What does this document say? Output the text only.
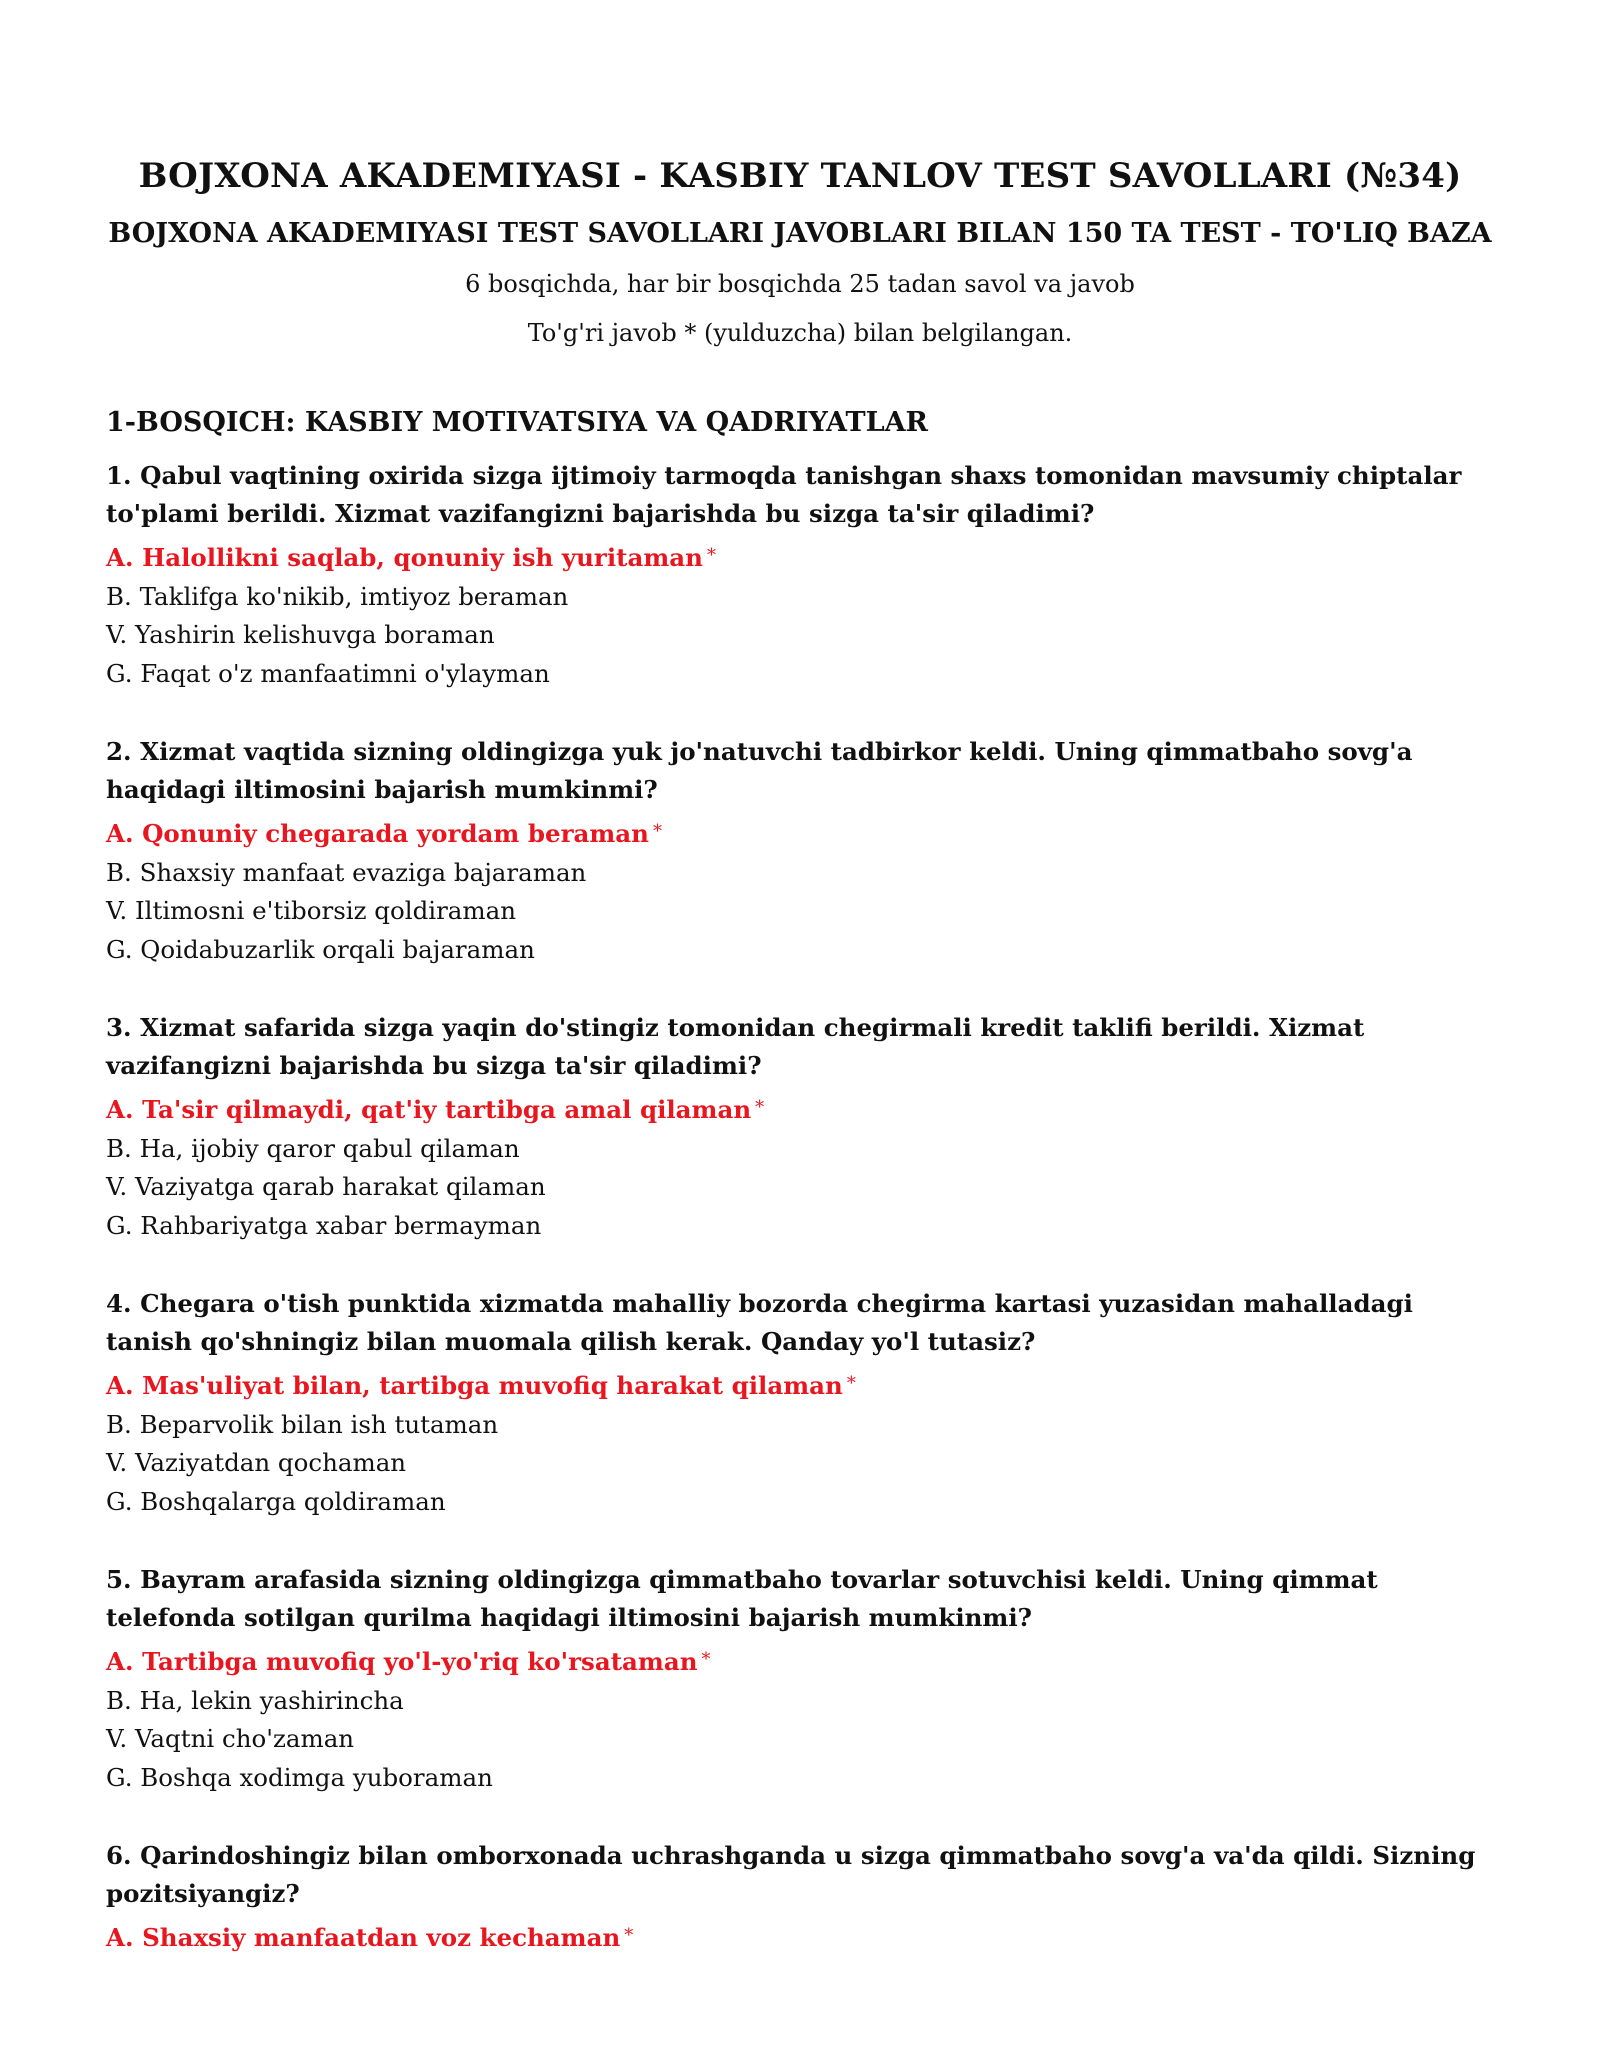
BOJXONA AKADEMIYASI - KASBIY TANLOV TEST SAVOLLARI (№34)
BOJXONA AKADEMIYASI TEST SAVOLLARI JAVOBLARI BILAN 150 TA TEST - TO'LIQ BAZA
6 bosqichda, har bir bosqichda 25 tadan savol va javob
To'g'ri javob * (yulduzcha) bilan belgilangan.
1-BOSQICH: KASBIY MOTIVATSIYA VA QADRIYATLAR
1. Qabul vaqtining oxirida sizga ijtimoiy tarmoqda tanishgan shaxs tomonidan mavsumiy chiptalar to'plami berildi. Xizmat vazifangizni bajarishda bu sizga ta'sir qiladimi?
A. Halollikni saqlab, qonuniy ish yuritaman *
B. Taklifga ko'nikib, imtiyoz beraman
V. Yashirin kelishuvga boraman
G. Faqat o'z manfaatimni o'ylayman
2. Xizmat vaqtida sizning oldingizga yuk jo'natuvchi tadbirkor keldi. Uning qimmatbaho sovg'a haqidagi iltimosini bajarish mumkinmi?
A. Qonuniy chegarada yordam beraman *
B. Shaxsiy manfaat evaziga bajaraman
V. Iltimosni e'tiborsiz qoldiraman
G. Qoidabuzarlik orqali bajaraman
3. Xizmat safarida sizga yaqin do'stingiz tomonidan chegirmali kredit taklifi berildi. Xizmat vazifangizni bajarishda bu sizga ta'sir qiladimi?
A. Ta'sir qilmaydi, qat'iy tartibga amal qilaman *
B. Ha, ijobiy qaror qabul qilaman
V. Vaziyatga qarab harakat qilaman
G. Rahbariyatga xabar bermayman
4. Chegara o'tish punktida xizmatda mahalliy bozorda chegirma kartasi yuzasidan mahalladagi tanish qo'shningiz bilan muomala qilish kerak. Qanday yo'l tutasiz?
A. Mas'uliyat bilan, tartibga muvofiq harakat qilaman *
B. Beparvolik bilan ish tutaman
V. Vaziyatdan qochaman
G. Boshqalarga qoldiraman
5. Bayram arafasida sizning oldingizga qimmatbaho tovarlar sotuvchisi keldi. Uning qimmat telefonda sotilgan qurilma haqidagi iltimosini bajarish mumkinmi?
A. Tartibga muvofiq yo'l-yo'riq ko'rsataman *
B. Ha, lekin yashirincha
V. Vaqtni cho'zaman
G. Boshqa xodimga yuboraman
6. Qarindoshingiz bilan omborxonada uchrashganda u sizga qimmatbaho sovg'a va'da qildi. Sizning pozitsiyangiz?
A. Shaxsiy manfaatdan voz kechaman *
